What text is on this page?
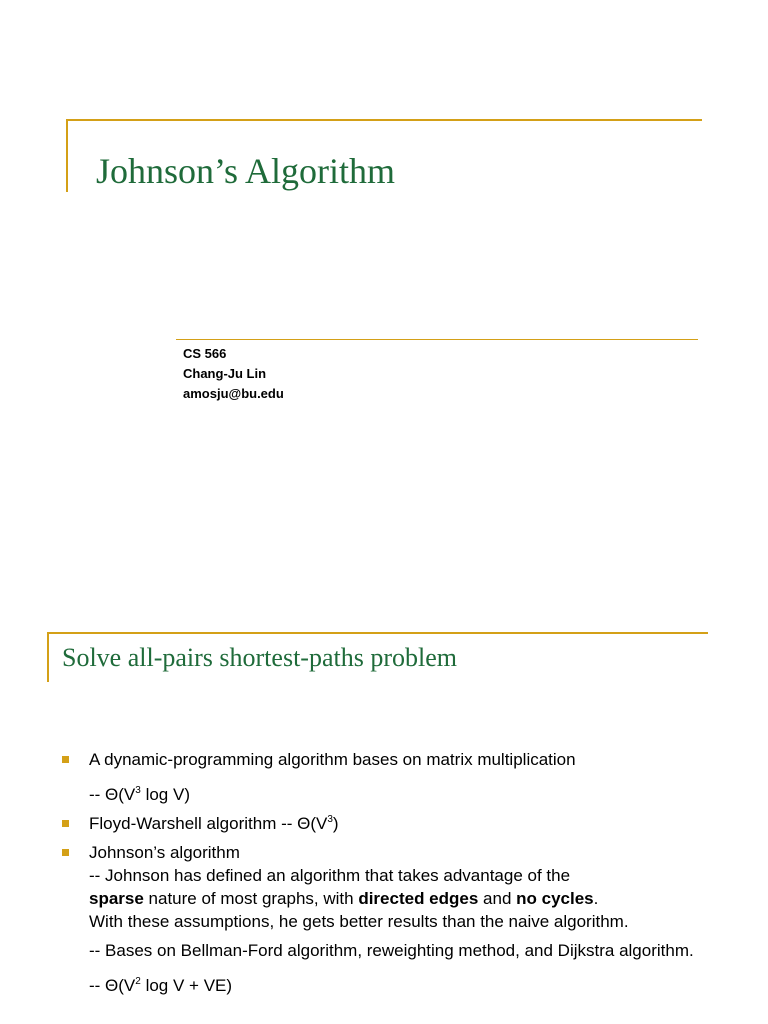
Johnson’s Algorithm
CS 566
Chang-Ju Lin
amosju@bu.edu
Solve all-pairs shortest-paths problem
A dynamic-programming algorithm bases on matrix multiplication
-- $\Theta(V^3$ log V)
Floyd-Warshell algorithm -- $\Theta(V^3)$
Johnson’s algorithm
-- Johnson has defined an algorithm that takes advantage of the
sparse nature of most graphs, with directed edges and no cycles.
With these assumptions, he gets better results than the naive algorithm.
-- Bases on Bellman-Ford algorithm, reweighting method, and Dijkstra algorithm.
-- $\Theta(V^2$ log V + VE)
